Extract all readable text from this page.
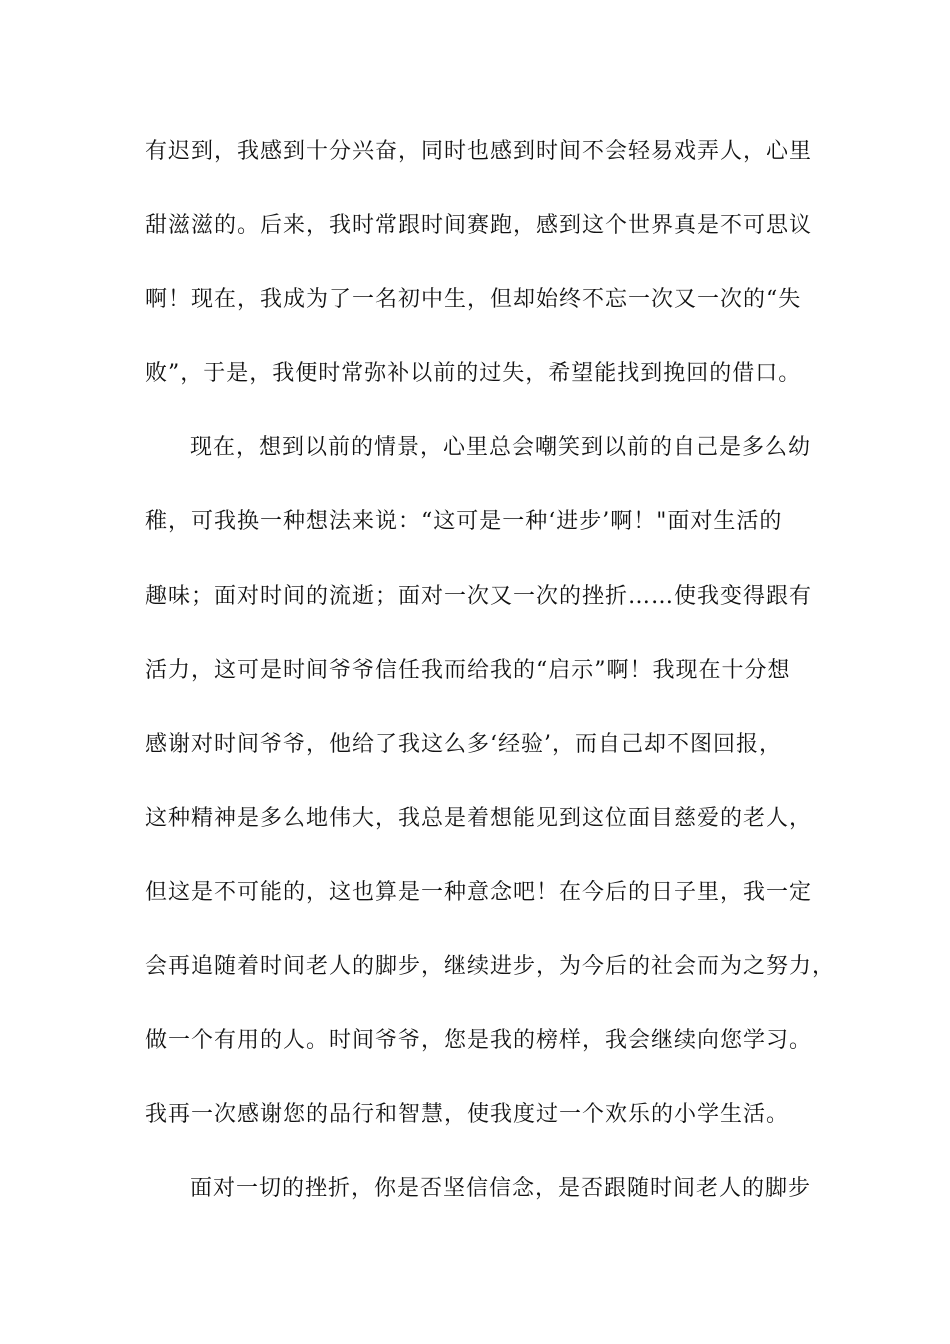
有迟到，我感到十分兴奋，同时也感到时间不会轻易戏弄人，心里
甜滋滋的。后来，我时常跟时间赛跑，感到这个世界真是不可思议
啊！现在，我成为了一名初中生，但却始终不忘一次又一次的“失
败”，于是，我便时常弥补以前的过失，希望能找到挽回的借口。
现在，想到以前的情景，心里总会嘲笑到以前的自己是多么幼
稚，可我换一种想法来说：“这可是一种‘进步’啊！"面对生活的
趣味；面对时间的流逝；面对一次又一次的挫折……使我变得跟有
活力，这可是时间爷爷信任我而给我的“启示”啊！我现在十分想
感谢对时间爷爷，他给了我这么多‘经验’，而自己却不图回报，
这种精神是多么地伟大，我总是着想能见到这位面目慈爱的老人，
但这是不可能的，这也算是一种意念吧！在今后的日子里，我一定
会再追随着时间老人的脚步，继续进步，为今后的社会而为之努力，
做一个有用的人。时间爷爷，您是我的榜样，我会继续向您学习。
我再一次感谢您的品行和智慧，使我度过一个欢乐的小学生活。
面对一切的挫折，你是否坚信信念，是否跟随时间老人的脚步
